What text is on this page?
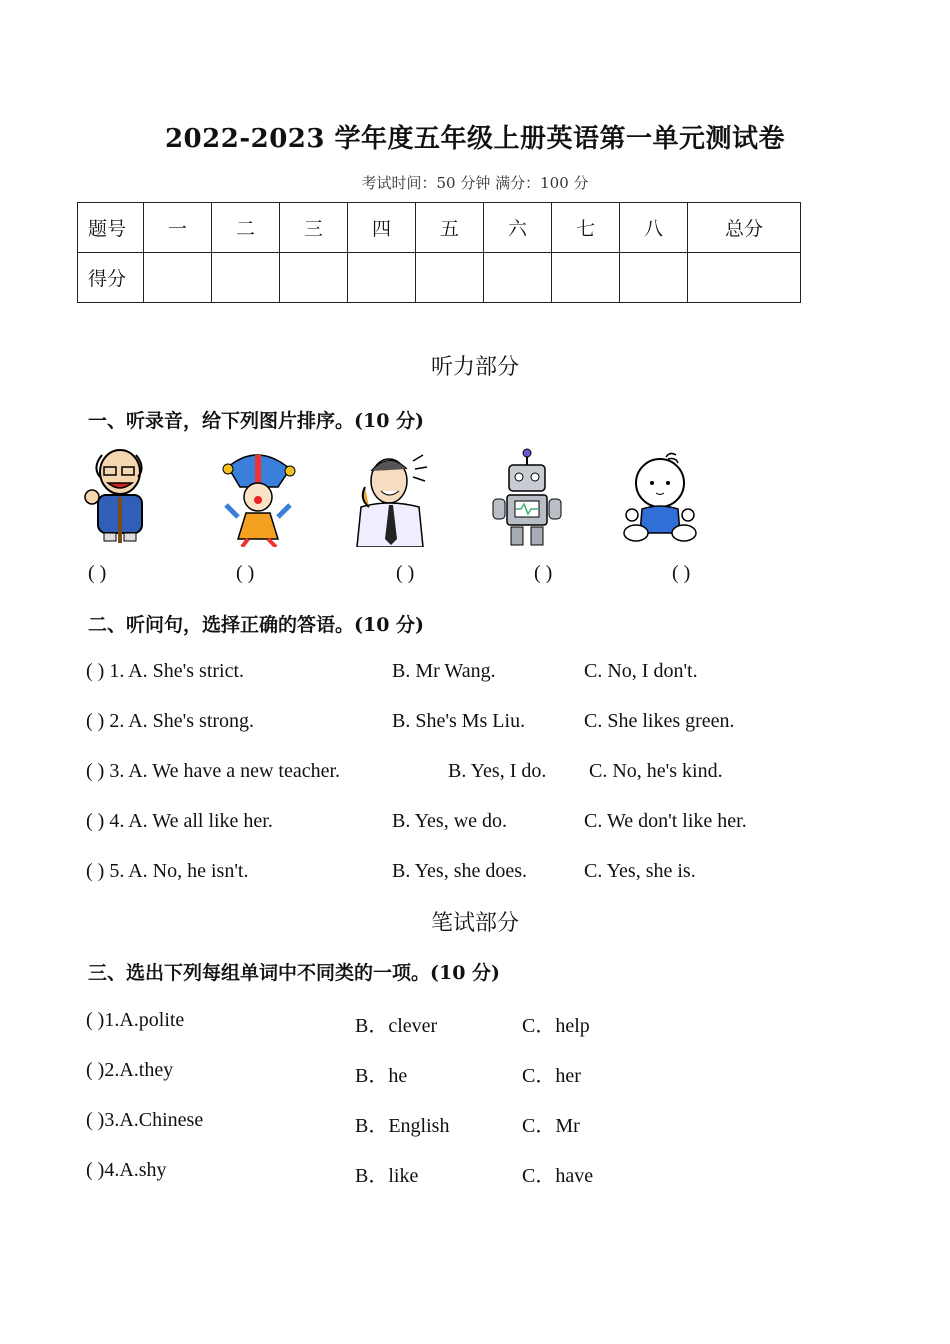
2022-2023 学年度五年级上册英语第一单元测试卷
考试时间：50 分钟 满分：100 分
题号	一	二	三	四	五	六	七	八	总分
得分									
听力部分
一、听录音，给下列图片排序。(10 分)
( )	( )	( )	( )	( )
二、听问句，选择正确的答语。(10 分)
( ) 1. A. She's strict.	B. Mr Wang.	C. No, I don't.
( ) 2. A. She's strong.	B. She's Ms Liu.	C. She likes green.
( ) 3. A. We have a new teacher.	B. Yes, I do. C. No, he's kind.
( ) 4. A. We all like her.	B. Yes, we do.	C. We don't like her.
( ) 5. A. No, he isn't.	B. Yes, she does.	C. Yes, she is.
笔试部分
三、选出下列每组单词中不同类的一项。(10 分)
( )1.A.polite	B．clever	C．help
( )2.A.they	B．he	C．her
( )3.A.Chinese	B．English	C．Mr
( )4.A.shy	B．like	C．have
